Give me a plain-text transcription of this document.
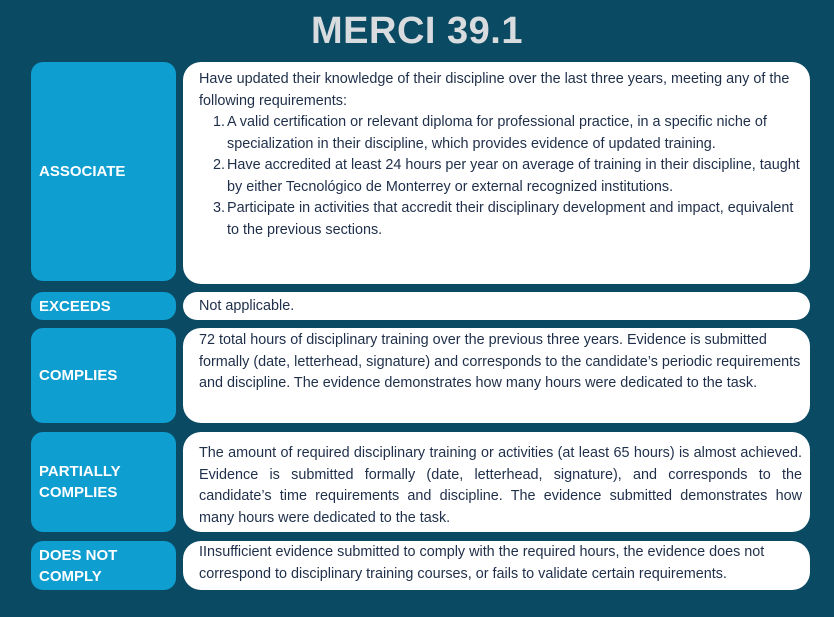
MERCI 39.1
ASSOCIATE

Have updated their knowledge of their discipline over the last three years, meeting any of the following requirements:

1. A valid certification or relevant diploma for professional practice, in a specific niche of specialization in their discipline, which provides evidence of updated training.
2. Have accredited at least 24 hours per year on average of training in their discipline, taught by either Tecnológico de Monterrey or external recognized institutions.
3. Participate in activities that accredit their disciplinary development and impact, equivalent to the previous sections.
EXCEEDS	Not applicable.

COMPLIES

72 total hours of disciplinary training over the previous three years. Evidence is submitted formally (date, letterhead, signature) and corresponds to the candidate’s periodic requirements and discipline. The evidence demonstrates how many hours were dedicated to the task.

PARTIALLY
COMPLIES

The amount of required disciplinary training or activities (at least 65 hours) is almost achieved. Evidence is submitted formally (date, letterhead, signature), and corresponds to the candidate’s time requirements and discipline. The evidence submitted demonstrates how many hours were dedicated to the task.

DOES NOT
COMPLY

IInsufficient evidence submitted to comply with the required hours, the evidence does not correspond to disciplinary training courses, or fails to validate certain requirements.
